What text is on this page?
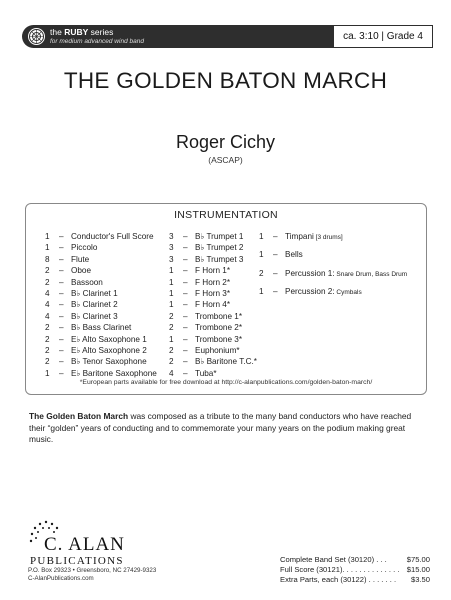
the RUBY series
for medium advanced wind band	ca. 3:10 | Grade 4
THE GOLDEN BATON MARCH
Roger Cichy
(ASCAP)
INSTRUMENTATION
1	– Conductor's Full Score
1	– Piccolo
8	– Flute
2	– Oboe
2	– Bassoon
4	– B♭ Clarinet 1
4	– B♭ Clarinet 2
4	– B♭ Clarinet 3
2	– B♭ Bass Clarinet
2	– E♭ Alto Saxophone 1
2	– E♭ Alto Saxophone 2
2	– B♭ Tenor Saxophone
1	– E♭ Baritone Saxophone
3	– B♭ Trumpet 1
3	– B♭ Trumpet 2
3	– B♭ Trumpet 3
1	– F Horn 1*
1	– F Horn 2*
1	– F Horn 3*
1	– F Horn 4*
2	– Trombone 1*
2	– Trombone 2*
1	– Trombone 3*
2	– Euphonium*
2	– B♭ Baritone T.C.*
4	– Tuba*
1	– Timpani [3 drums]
1	– Bells
2	– Percussion 1: Snare Drum, Bass Drum
1	– Percussion 2: Cymbals
*European parts available for free download at http://c-alanpublications.com/golden-baton-march/
The Golden Baton March was composed as a tribute to the many band conductors who have reached their “golden” years of conducting and to commemorate your many years on the podium making great music.
C. ALAN
PUBLICATIONS
P.O. Box 29323 • Greensboro, NC 27429-9323
C-AlanPublications.com
Complete Band Set (30120) . . .	$75.00
Full Score (30121). . . . . . . . . . . . . . $15.00
Extra Parts, each (30122) . . . . . . . $3.50
